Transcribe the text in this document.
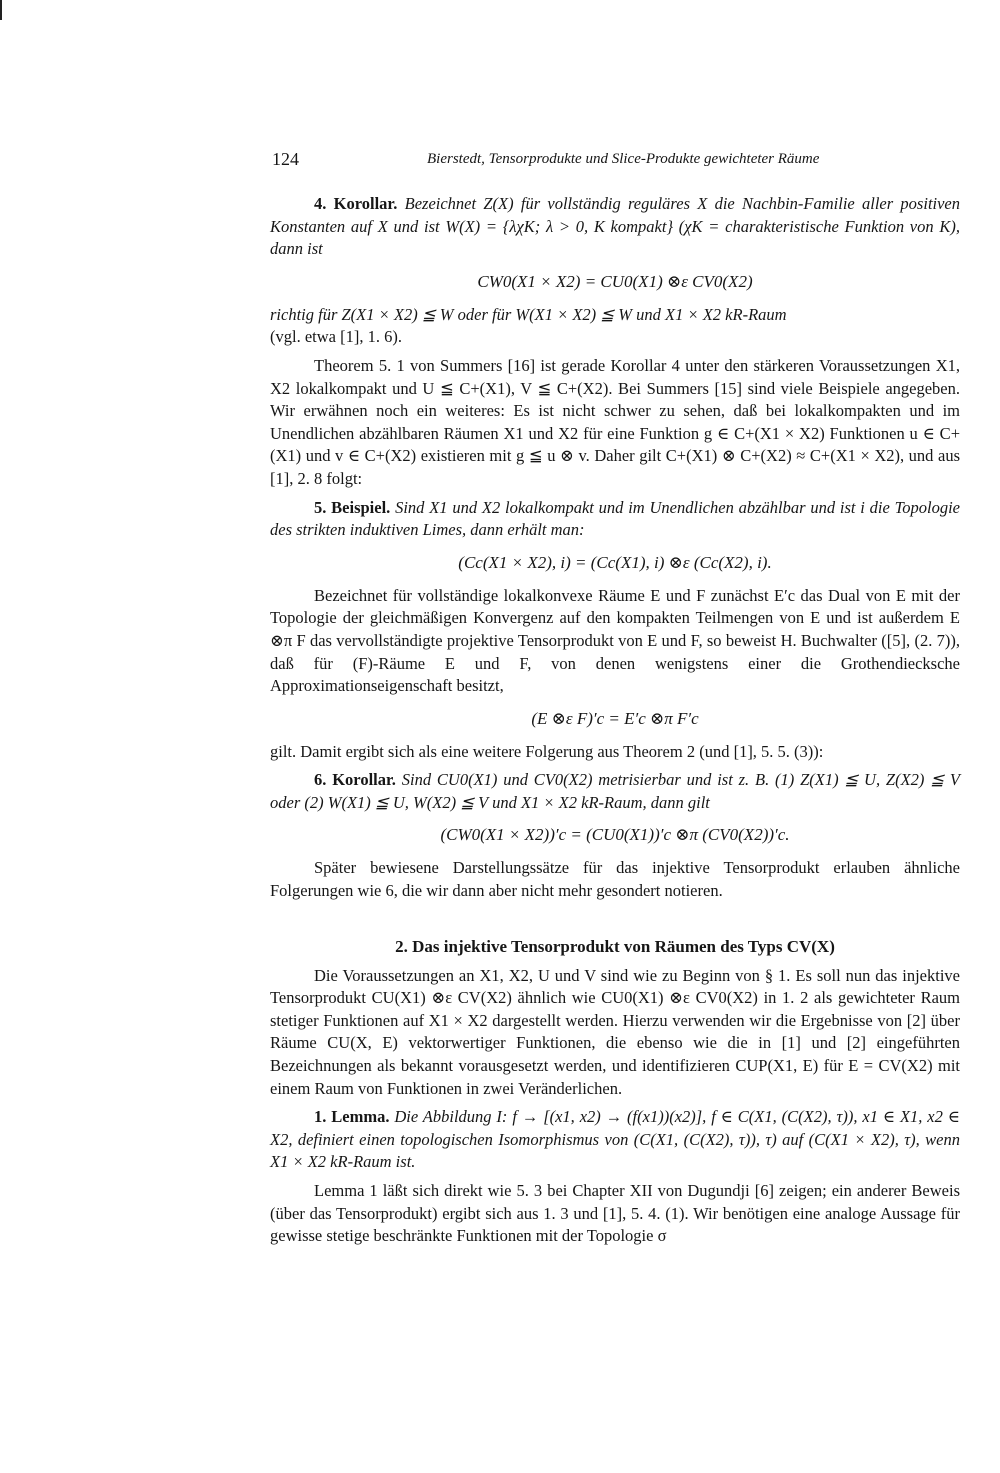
124	Bierstedt, Tensorprodukte und Slice-Produkte gewichteter Räume

4. Korollar. Bezeichnet Z(X) für vollständig reguläres X die Nachbin-Familie aller positiven Konstanten auf X und ist W(X) = {λχK; λ > 0, K kompakt} (χK = charakteristische Funktion von K), dann ist

CW0(X1 × X2) = CU0(X1) ⊗ε CV0(X2)

richtig für Z(X1 × X2) ≦ W oder für W(X1 × X2) ≦ W und X1 × X2 kR-Raum
(vgl. etwa [1], 1. 6).

Theorem 5. 1 von Summers [16] ist gerade Korollar 4 unter den stärkeren Voraussetzungen X1, X2 lokalkompakt und U ≦ C+(X1), V ≦ C+(X2). Bei Summers [15] sind viele Beispiele angegeben. Wir erwähnen noch ein weiteres: Es ist nicht schwer zu sehen, daß bei lokalkompakten und im Unendlichen abzählbaren Räumen X1 und X2 für eine Funktion g ∈ C+(X1 × X2) Funktionen u ∈ C+(X1) und v ∈ C+(X2) existieren mit g ≦ u ⊗ v. Daher gilt C+(X1) ⊗ C+(X2) ≈ C+(X1 × X2), und aus [1], 2. 8 folgt:

5. Beispiel. Sind X1 und X2 lokalkompakt und im Unendlichen abzählbar und ist i die Topologie des strikten induktiven Limes, dann erhält man:

(Cc(X1 × X2), i) = (Cc(X1), i) ⊗ε (Cc(X2), i).

Bezeichnet für vollständige lokalkonvexe Räume E und F zunächst E′c das Dual von E mit der Topologie der gleichmäßigen Konvergenz auf den kompakten Teilmengen von E und ist außerdem E ⊗π F das vervollständigte projektive Tensorprodukt von E und F, so beweist H. Buchwalter ([5], (2. 7)), daß für (F)-Räume E und F, von denen wenigstens einer die Grothendiecksche Approximationseigenschaft besitzt,

(E ⊗ε F)′c = E′c ⊗π F′c

gilt. Damit ergibt sich als eine weitere Folgerung aus Theorem 2 (und [1], 5. 5. (3)):

6. Korollar. Sind CU0(X1) und CV0(X2) metrisierbar und ist z. B. (1) Z(X1) ≦ U, Z(X2) ≦ V oder (2) W(X1) ≦ U, W(X2) ≦ V und X1 × X2 kR-Raum, dann gilt

(CW0(X1 × X2))′c = (CU0(X1))′c ⊗π (CV0(X2))′c.

Später bewiesene Darstellungssätze für das injektive Tensorprodukt erlauben ähnliche Folgerungen wie 6, die wir dann aber nicht mehr gesondert notieren.

2. Das injektive Tensorprodukt von Räumen des Typs CV(X)

Die Voraussetzungen an X1, X2, U und V sind wie zu Beginn von § 1. Es soll nun das injektive Tensorprodukt CU(X1) ⊗ε CV(X2) ähnlich wie CU0(X1) ⊗ε CV0(X2) in 1. 2 als gewichteter Raum stetiger Funktionen auf X1 × X2 dargestellt werden. Hierzu verwenden wir die Ergebnisse von [2] über Räume CU(X, E) vektorwertiger Funktionen, die ebenso wie die in [1] und [2] eingeführten Bezeichnungen als bekannt vorausgesetzt werden, und identifizieren CUP(X1, E) für E = CV(X2) mit einem Raum von Funktionen in zwei Veränderlichen.

1. Lemma. Die Abbildung I: f → [(x1, x2) → (f(x1))(x2)], f ∈ C(X1, (C(X2), τ)), x1 ∈ X1, x2 ∈ X2, definiert einen topologischen Isomorphismus von (C(X1, (C(X2), τ)), τ) auf (C(X1 × X2), τ), wenn X1 × X2 kR-Raum ist.

Lemma 1 läßt sich direkt wie 5. 3 bei Chapter XII von Dugundji [6] zeigen; ein anderer Beweis (über das Tensorprodukt) ergibt sich aus 1. 3 und [1], 5. 4. (1). Wir benötigen eine analoge Aussage für gewisse stetige beschränkte Funktionen mit der Topologie σ
